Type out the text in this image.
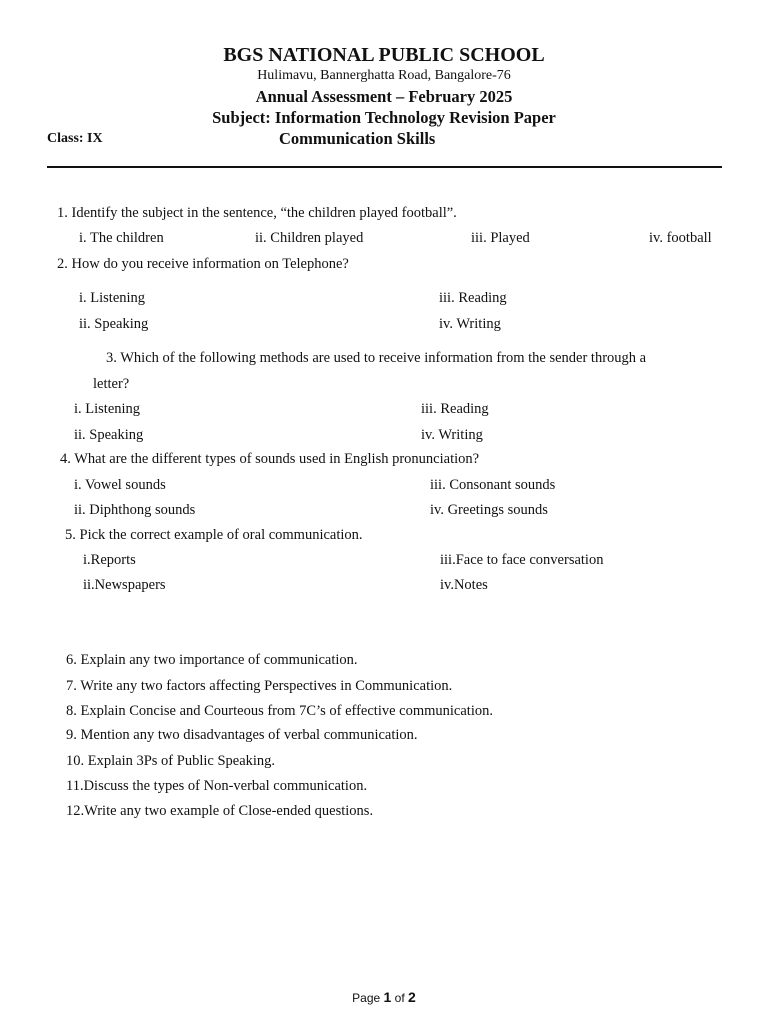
BGS NATIONAL PUBLIC SCHOOL
Hulimavu, Bannerghatta Road, Bangalore-76
Annual Assessment – February 2025
Subject: Information Technology Revision Paper
Class: IX	Communication Skills
1. Identify the subject in the sentence, “the children played football”.
i. The children	ii. Children played	iii. Played	iv. football
2. How do you receive information on Telephone?
i. Listening	iii. Reading
ii. Speaking	iv. Writing
3. Which of the following methods are used to receive information from the sender through a
letter?
i. Listening	iii. Reading
ii. Speaking	iv. Writing
4. What are the different types of sounds used in English pronunciation?
i. Vowel sounds	iii. Consonant sounds
ii. Diphthong sounds	iv. Greetings sounds
5. Pick the correct example of oral communication.
i.Reports	iii.Face to face conversation
ii.Newspapers	iv.Notes
6. Explain any two importance of communication.
7. Write any two factors affecting Perspectives in Communication.
8. Explain Concise and Courteous from 7C’s of effective communication.
9. Mention any two disadvantages of verbal communication.
10. Explain 3Ps of Public Speaking.
11.Discuss the types of Non-verbal communication.
12.Write any two example of Close-ended questions.
Page 1 of 2
